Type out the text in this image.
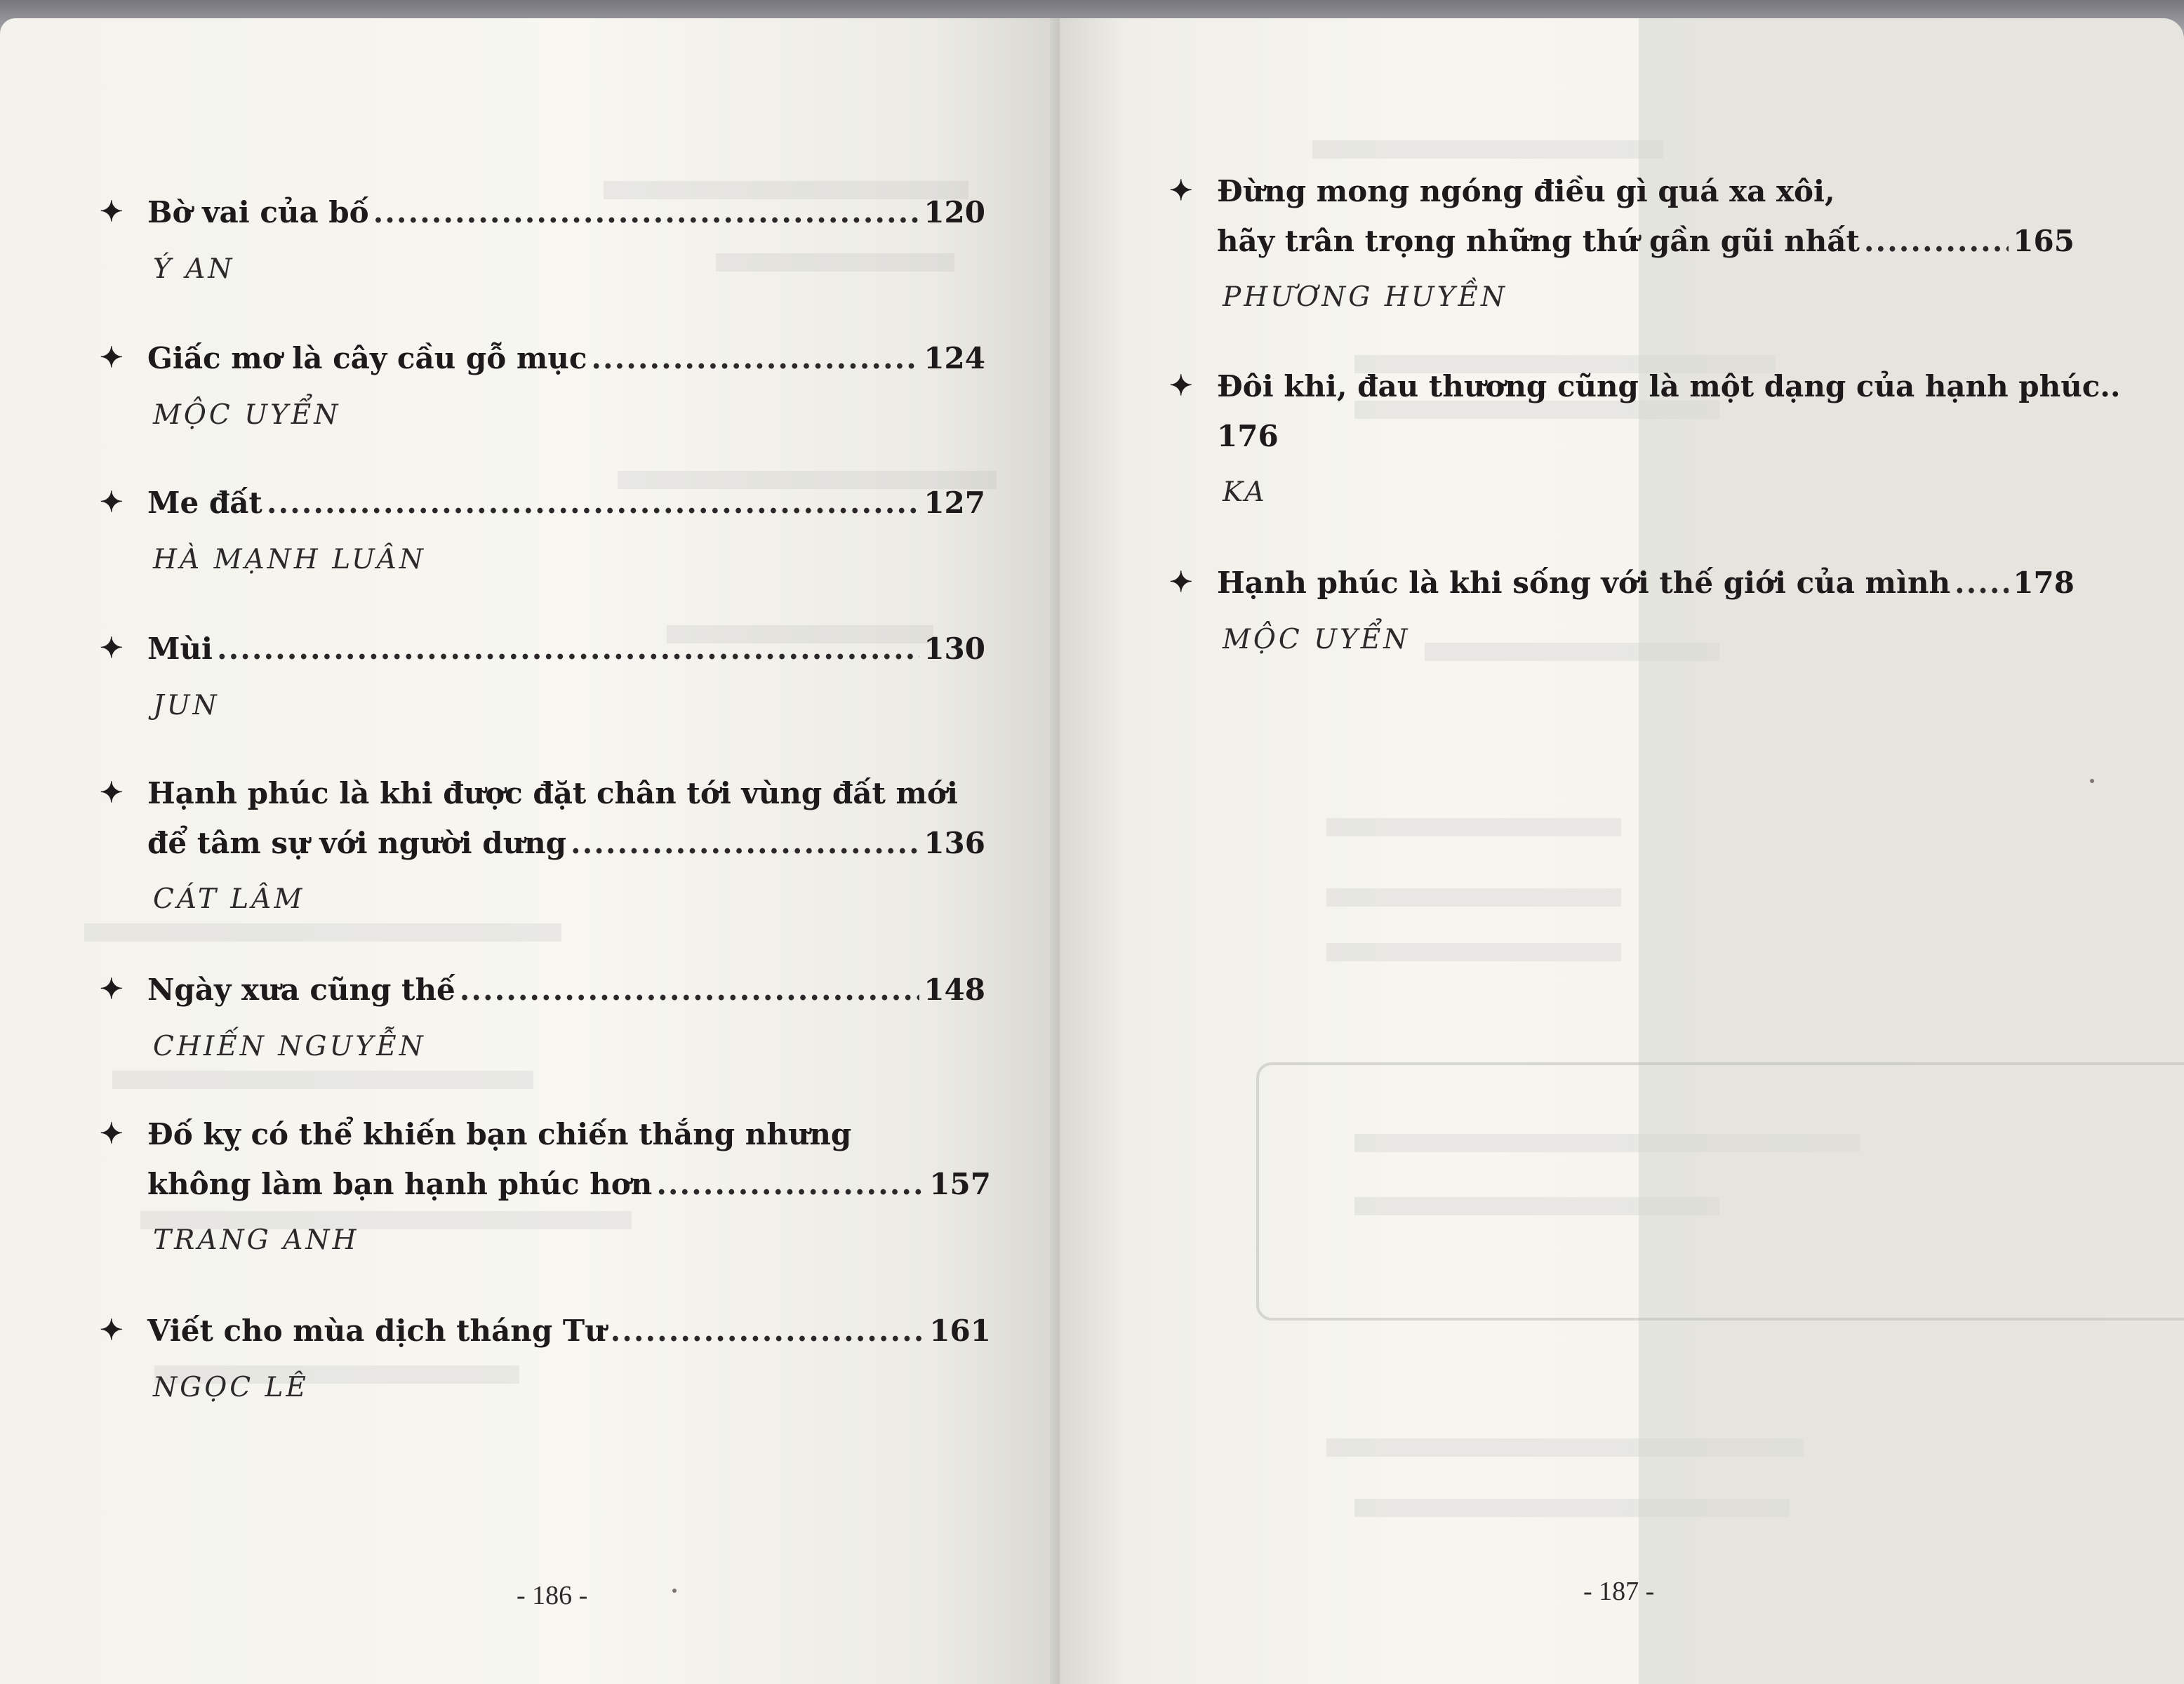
✦ Bờ vai của bố .....	120
Ý AN
✦ Giấc mơ là cây cầu gỗ mục .....	124
MỘC UYỂN
✦ Me đất .....	127
HÀ MẠNH LUÂN
✦ Mùi .....	130
JUN
✦ Hạnh phúc là khi được đặt chân tới vùng đất mới
để tâm sự với người dưng .....	136
CÁT LÂM
✦ Ngày xưa cũng thế .....	148
CHIẾN NGUYỄN
✦ Đố kỵ có thể khiến bạn chiến thắng nhưng
không làm bạn hạnh phúc hơn .....	157
TRANG ANH
✦ Viết cho mùa dịch tháng Tư .....	161
NGỌC LÊ
- 186 -
✦ Đừng mong ngóng điều gì quá xa xôi,
hãy trân trọng những thứ gần gũi nhất .....	165
PHƯƠNG HUYỀN
✦ Đôi khi, đau thương cũng là một dạng của hạnh phúc..
176
KA
✦ Hạnh phúc là khi sống với thế giới của mình ..... 178
MỘC UYỂN
- 187 -
